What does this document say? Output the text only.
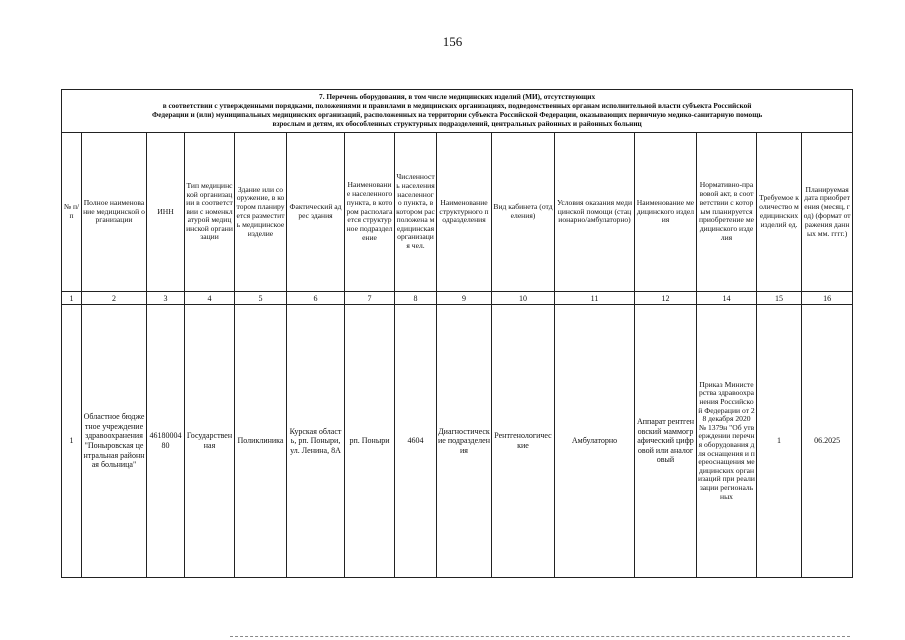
156
7. Перечень оборудования, в том числе медицинских изделий (МИ), отсутствующих
в соответствии с утвержденными порядками, положениями и правилами в медицинских организациях, подведомственных органам исполнительной власти субъекта Российской
Федерации и (или) муниципальных медицинских организаций, расположенных на территории субъекта Российской Федерации, оказывающих первичную медико-санитарную помощь
взрослым и детям, их обособленных структурных подразделений, центральных районных и районных больниц														

№ п/п	Полное наименование медицинской организации	ИНН	Тип медицинской организации в соответствии с номенклатурой медицинской организации	Здание или сооружение, в котором планируется разместить медицинское изделие	Фактический адрес здания	Наименование населенного пункта, в котором располагается структурное подразделение	Численность населения населенного пункта, в котором расположена медицинская организация чел.	Наименование структурного подразделения	Вид кабинета (отделения)	Условия оказания медицинской помощи (стационарно/амбулаторно)	Наименование медицинского изделия	Нормативно-правовой акт, в соответствии с которым планируется приобретение медицинского изделия	Требуемое количество медицинских изделий ед.	Планируемая дата приобретения (месяц, год) (формат отражения данных мм. гггг.)
1	2	3	4	5	6	7	8	9	10	11	12	14	15	16
1	Областное бюджетное учреждение здравоохранения "Поныровская центральная районная больница"	4618000480	Государственная	Поликлиника	Курская область, рп. Поныри, ул. Ленина, 8А	рп. Поныри	4604	Диагностические подразделения	Рентгенологические	Амбулаторно	Аппарат рентгеновский маммографический цифровой или аналоговый	Приказ Министерства здравоохранения Российской Федерации от 28 декабря 2020 № 1379н "Об утверждении перечня оборудования для оснащения и переоснащения медицинских организаций при реализации региональных	1	06.2025
